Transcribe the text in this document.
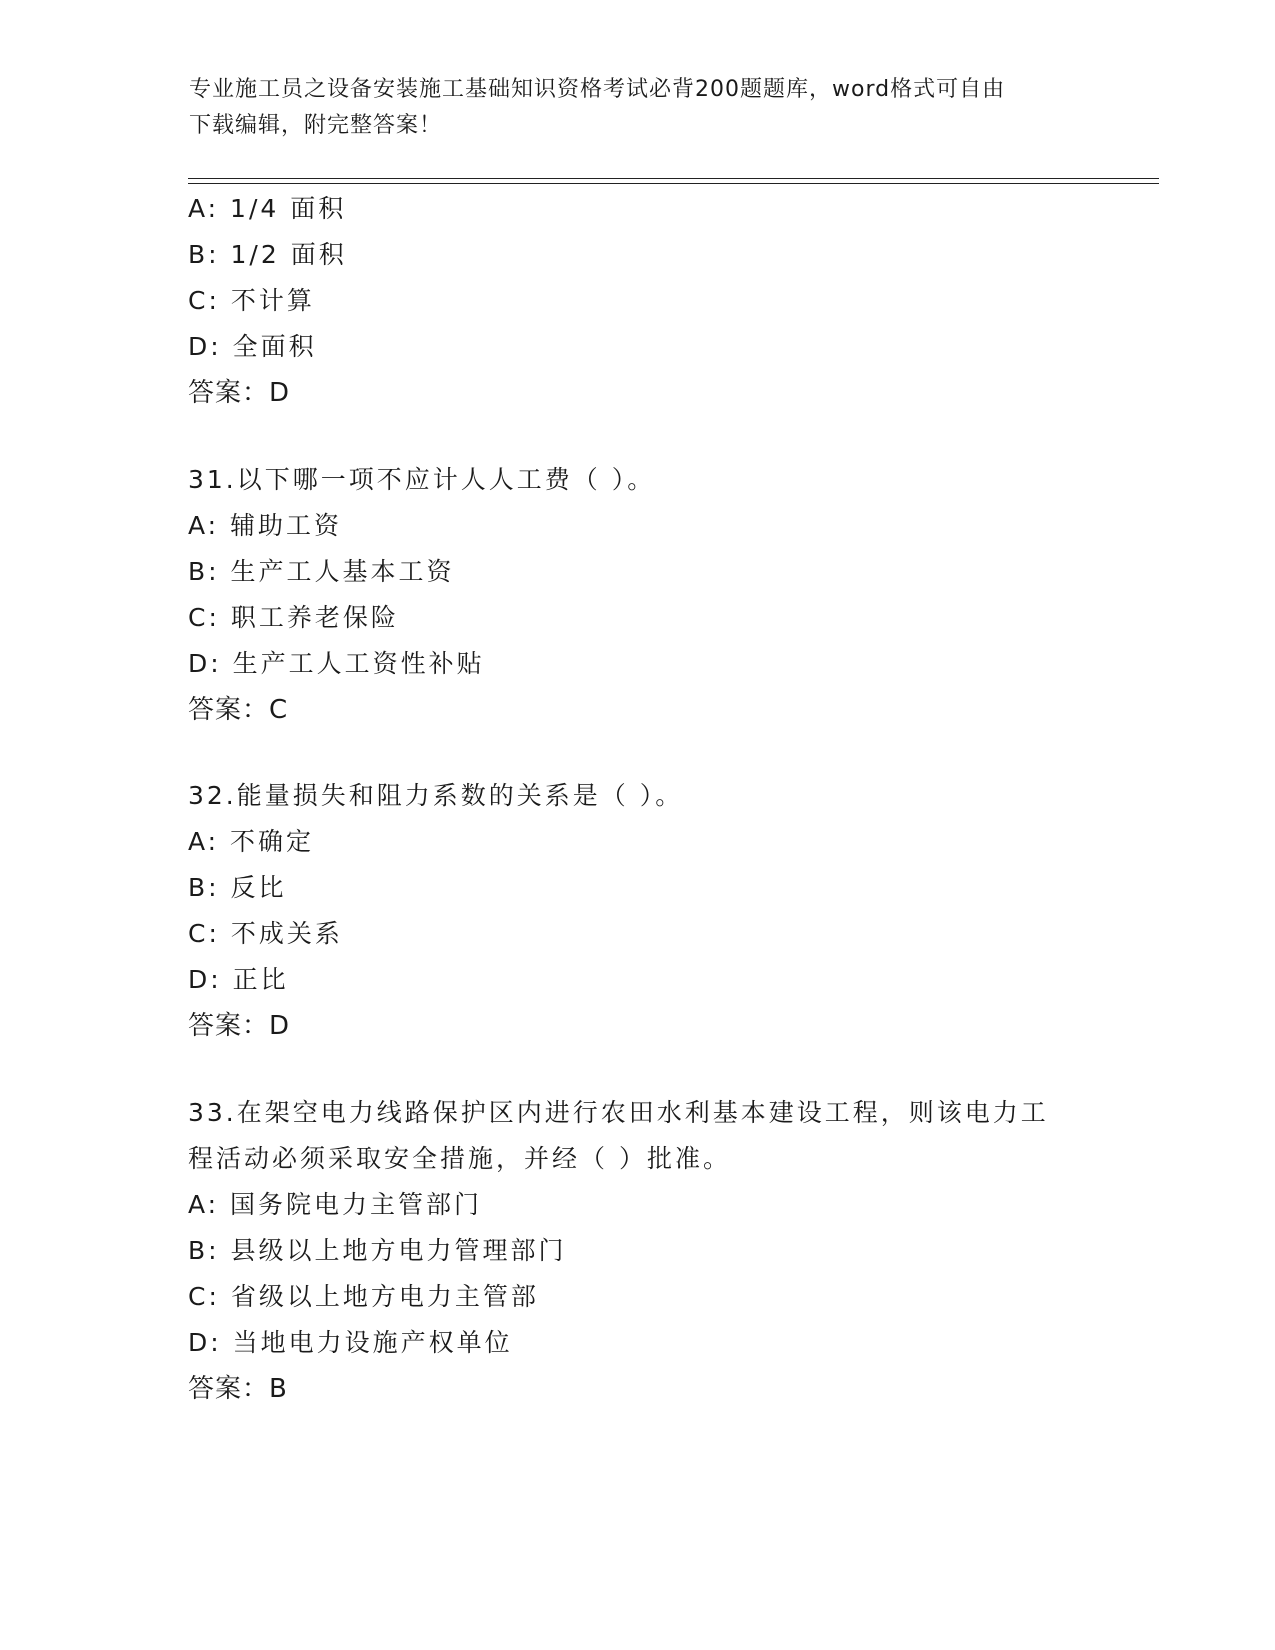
专业施工员之设备安装施工基础知识资格考试必背200题题库，word格式可自由
下载编辑，附完整答案！
A: 1/4 面积
B: 1/2 面积
C: 不计算
D: 全面积
答案：D
31.以下哪一项不应计人人工费（ ）。
A: 辅助工资
B: 生产工人基本工资
C: 职工养老保险
D: 生产工人工资性补贴
答案：C
32.能量损失和阻力系数的关系是（ ）。
A: 不确定
B: 反比
C: 不成关系
D: 正比
答案：D
33.在架空电力线路保护区内进行农田水利基本建设工程，则该电力工
程活动必须采取安全措施，并经（ ）批准。
A: 国务院电力主管部门
B: 县级以上地方电力管理部门
C: 省级以上地方电力主管部
D: 当地电力设施产权单位
答案：B
